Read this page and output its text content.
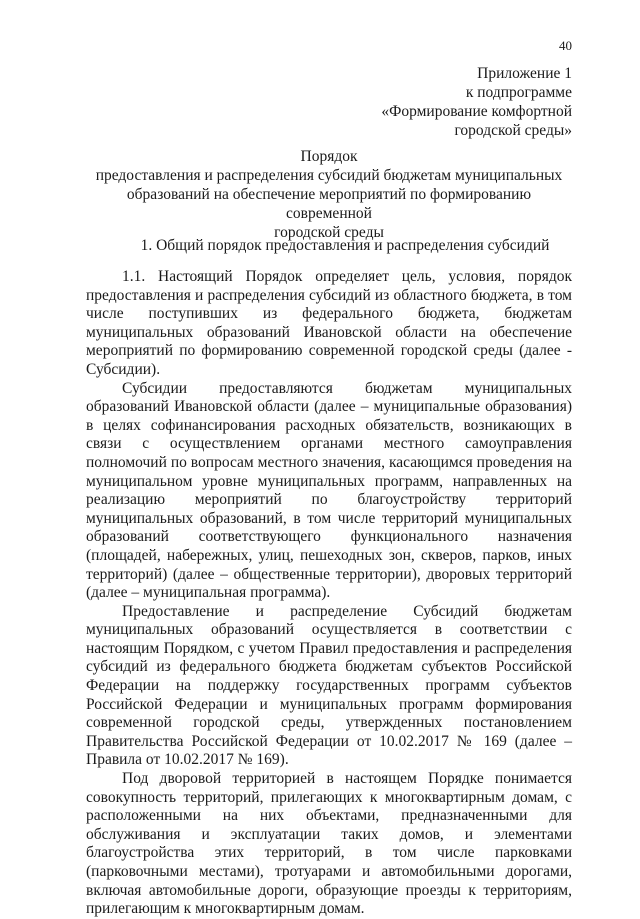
40
Приложение 1
к подпрограмме
«Формирование комфортной
городской среды»
Порядок
предоставления и распределения субсидий бюджетам муниципальных
образований на обеспечение мероприятий по формированию современной
городской среды
1. Общий порядок предоставления и распределения субсидий

1.1. Настоящий Порядок определяет цель, условия, порядок предоставления и распределения субсидий из областного бюджета, в том числе поступивших из федерального бюджета, бюджетам муниципальных образований Ивановской области на обеспечение мероприятий по формированию современной городской среды (далее - Субсидии).

Субсидии предоставляются бюджетам муниципальных образований Ивановской области (далее – муниципальные образования) в целях софинансирования расходных обязательств, возникающих в связи с осуществлением органами местного самоуправления полномочий по вопросам местного значения, касающимся проведения на муниципальном уровне муниципальных программ, направленных на реализацию мероприятий по благоустройству территорий муниципальных образований, в том числе территорий муниципальных образований соответствующего функционального назначения (площадей, набережных, улиц, пешеходных зон, скверов, парков, иных территорий) (далее – общественные территории), дворовых территорий (далее – муниципальная программа).

Предоставление и распределение Субсидий бюджетам муниципальных образований осуществляется в соответствии с настоящим Порядком, с учетом Правил предоставления и распределения субсидий из федерального бюджета бюджетам субъектов Российской Федерации на поддержку государственных программ субъектов Российской Федерации и муниципальных программ формирования современной городской среды, утвержденных постановлением Правительства Российской Федерации от 10.02.2017 № 169 (далее – Правила от 10.02.2017 № 169).

Под дворовой территорией в настоящем Порядке понимается совокупность территорий, прилегающих к многоквартирным домам, с расположенными на них объектами, предназначенными для обслуживания и эксплуатации таких домов, и элементами благоустройства этих территорий, в том числе парковками (парковочными местами), тротуарами и автомобильными дорогами, включая автомобильные дороги, образующие проезды к территориям, прилегающим к многоквартирным домам.
